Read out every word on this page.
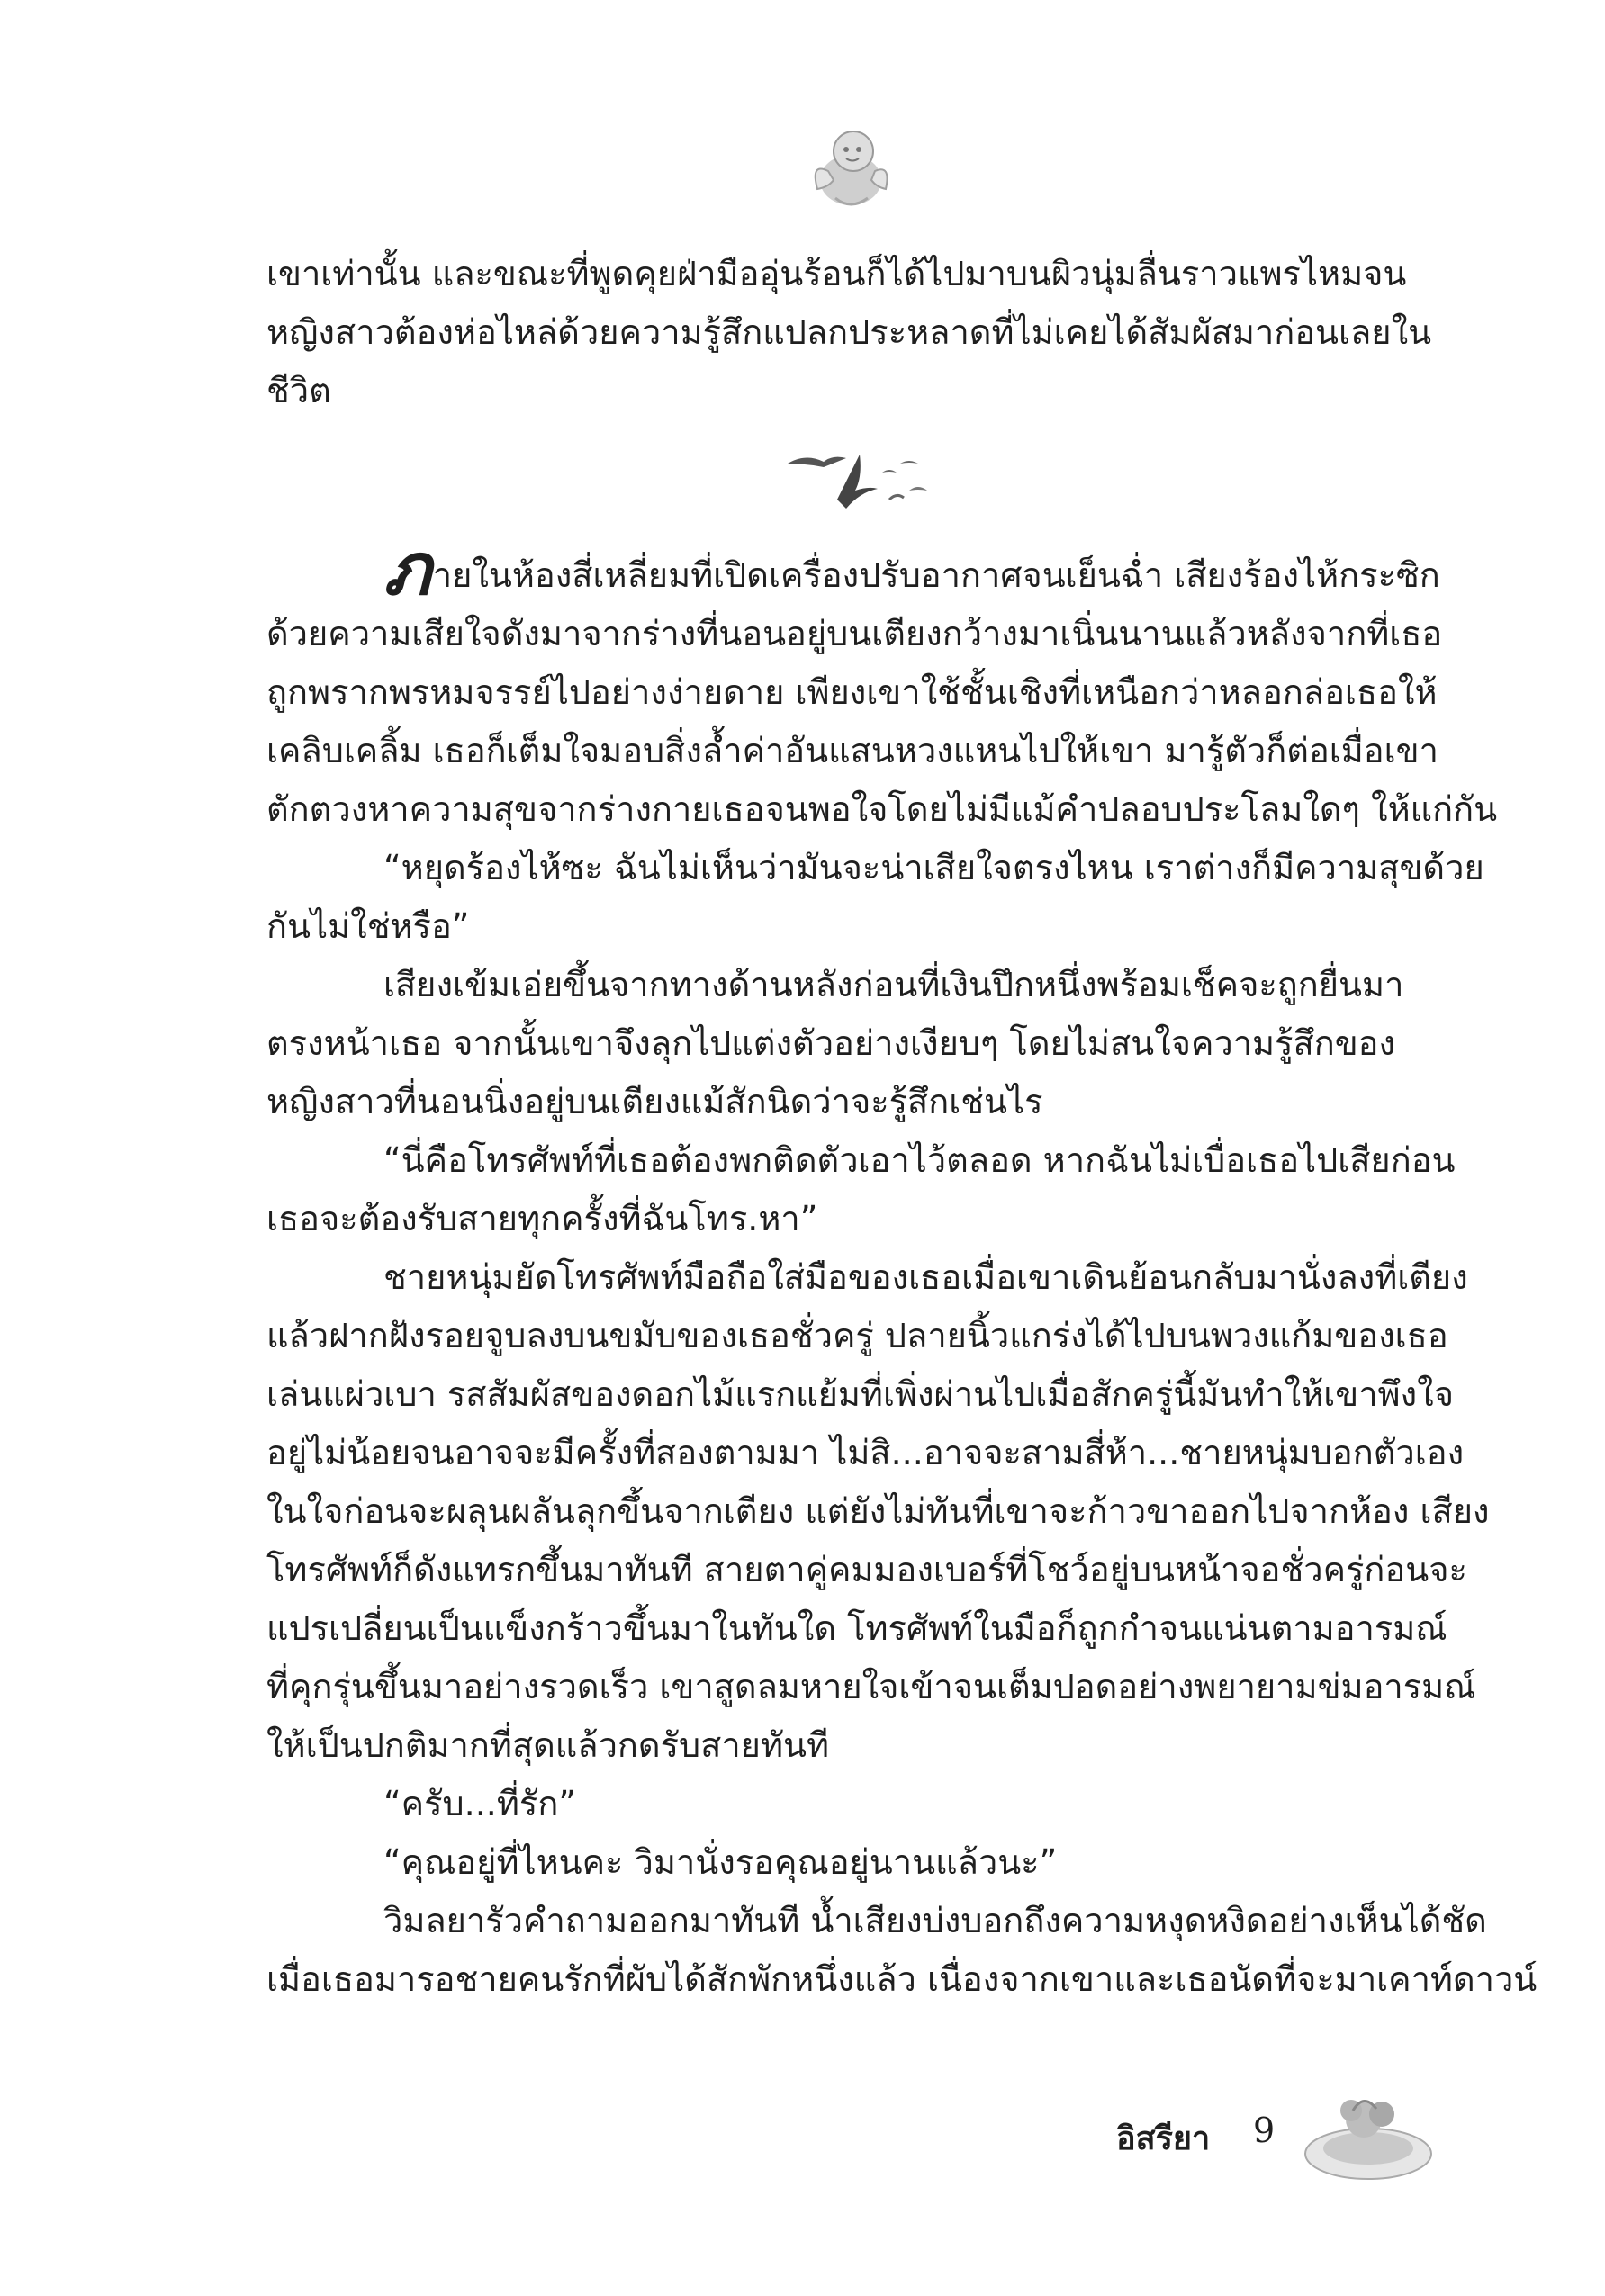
เขาเท่านั้น และขณะที่พูดคุยฝ่ามืออุ่นร้อนก็ได้ไปมาบนผิวนุ่มลื่นราวแพรไหมจน

หญิงสาวต้องห่อไหล่ด้วยความรู้สึกแปลกประหลาดที่ไม่เคยได้สัมผัสมาก่อนเลยใน

ชีวิต

ภายในห้องสี่เหลี่ยมที่เปิดเครื่องปรับอากาศจนเย็นฉ่ำ เสียงร้องไห้กระซิก

ด้วยความเสียใจดังมาจากร่างที่นอนอยู่บนเตียงกว้างมาเนิ่นนานแล้วหลังจากที่เธอ

ถูกพรากพรหมจรรย์ไปอย่างง่ายดาย เพียงเขาใช้ชั้นเชิงที่เหนือกว่าหลอกล่อเธอให้

เคลิบเคลิ้ม เธอก็เต็มใจมอบสิ่งล้ำค่าอันแสนหวงแหนไปให้เขา มารู้ตัวก็ต่อเมื่อเขา

ตักตวงหาความสุขจากร่างกายเธอจนพอใจโดยไม่มีแม้คำปลอบประโลมใดๆ ให้แก่กัน

“หยุดร้องไห้ซะ ฉันไม่เห็นว่ามันจะน่าเสียใจตรงไหน เราต่างก็มีความสุขด้วย

กันไม่ใช่หรือ”

เสียงเข้มเอ่ยขึ้นจากทางด้านหลังก่อนที่เงินปึกหนึ่งพร้อมเช็คจะถูกยื่นมา

ตรงหน้าเธอ จากนั้นเขาจึงลุกไปแต่งตัวอย่างเงียบๆ โดยไม่สนใจความรู้สึกของ

หญิงสาวที่นอนนิ่งอยู่บนเตียงแม้สักนิดว่าจะรู้สึกเช่นไร

“นี่คือโทรศัพท์ที่เธอต้องพกติดตัวเอาไว้ตลอด หากฉันไม่เบื่อเธอไปเสียก่อน

เธอจะต้องรับสายทุกครั้งที่ฉันโทร.หา”

ชายหนุ่มยัดโทรศัพท์มือถือใส่มือของเธอเมื่อเขาเดินย้อนกลับมานั่งลงที่เตียง

แล้วฝากฝังรอยจูบลงบนขมับของเธอชั่วครู่ ปลายนิ้วแกร่งได้ไปบนพวงแก้มของเธอ

เล่นแผ่วเบา รสสัมผัสของดอกไม้แรกแย้มที่เพิ่งผ่านไปเมื่อสักครู่นี้มันทำให้เขาพึงใจ

อยู่ไม่น้อยจนอาจจะมีครั้งที่สองตามมา ไม่สิ...อาจจะสามสี่ห้า...ชายหนุ่มบอกตัวเอง

ในใจก่อนจะผลุนผลันลุกขึ้นจากเตียง แต่ยังไม่ทันที่เขาจะก้าวขาออกไปจากห้อง เสียง

โทรศัพท์ก็ดังแทรกขึ้นมาทันที สายตาคู่คมมองเบอร์ที่โชว์อยู่บนหน้าจอชั่วครู่ก่อนจะ

แปรเปลี่ยนเป็นแข็งกร้าวขึ้นมาในทันใด โทรศัพท์ในมือก็ถูกกำจนแน่นตามอารมณ์

ที่คุกรุ่นขึ้นมาอย่างรวดเร็ว เขาสูดลมหายใจเข้าจนเต็มปอดอย่างพยายามข่มอารมณ์

ให้เป็นปกติมากที่สุดแล้วกดรับสายทันที

“ครับ...ที่รัก”

“คุณอยู่ที่ไหนคะ วิมานั่งรอคุณอยู่นานแล้วนะ”

วิมลยารัวคำถามออกมาทันที น้ำเสียงบ่งบอกถึงความหงุดหงิดอย่างเห็นได้ชัด

เมื่อเธอมารอชายคนรักที่ผับได้สักพักหนึ่งแล้ว เนื่องจากเขาและเธอนัดที่จะมาเคาท์ดาวน์

อิสรียา 9
